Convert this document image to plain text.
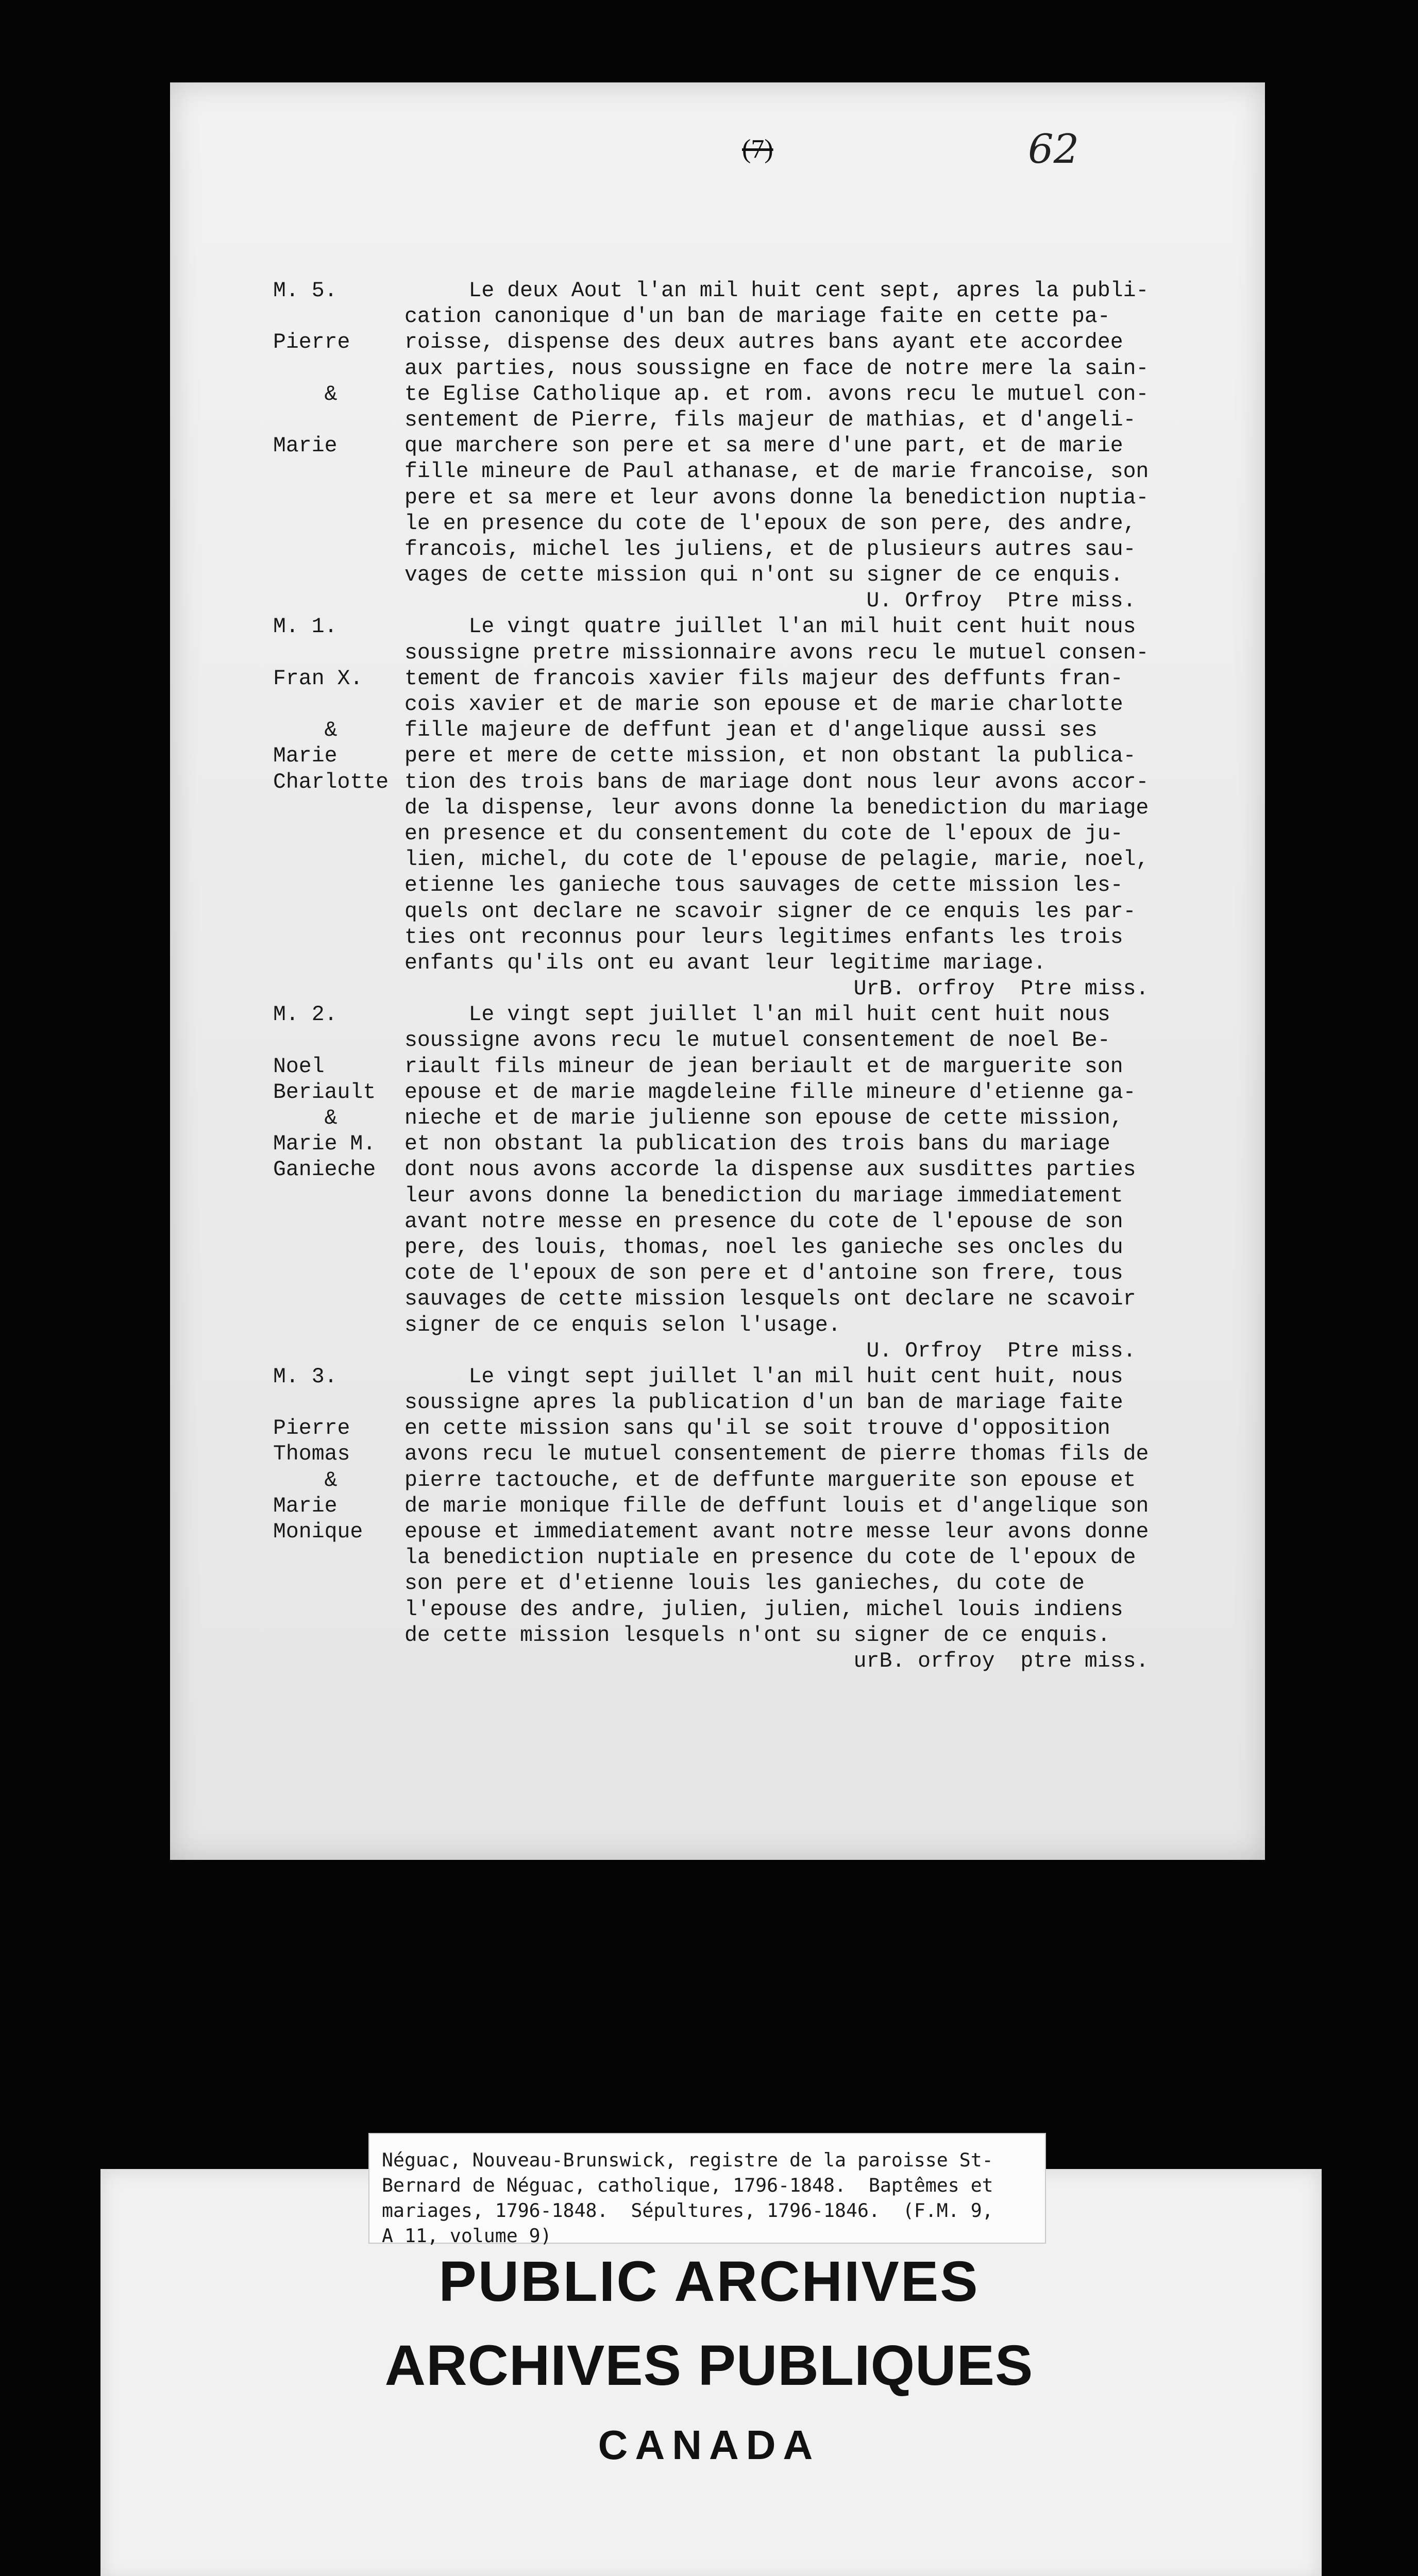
(7)	62
M. 5.
Pierre
&
Marie
Le deux Aout l'an mil huit cent sept, apres la publi-
cation canonique d'un ban de mariage faite en cette pa-
roisse, dispense des deux autres bans ayant ete accordee
aux parties, nous soussigne en face de notre mere la sain-
te Eglise Catholique ap. et rom. avons recu le mutuel con-
sentement de Pierre, fils majeur de mathias, et d'angeli-
que marchere son pere et sa mere d'une part, et de marie
fille mineure de Paul athanase, et de marie francoise, son
pere et sa mere et leur avons donne la benediction nuptia-
le en presence du cote de l'epoux de son pere, des andre,
francois, michel les juliens, et de plusieurs autres sau-
vages de cette mission qui n'ont su signer de ce enquis.
U. Orfroy  Ptre miss.
M. 1.
Fran X.
&
Marie
Charlotte
Le vingt quatre juillet l'an mil huit cent huit nous
soussigne pretre missionnaire avons recu le mutuel consen-
tement de francois xavier fils majeur des deffunts fran-
cois xavier et de marie son epouse et de marie charlotte
fille majeure de deffunt jean et d'angelique aussi ses
pere et mere de cette mission, et non obstant la publica-
tion des trois bans de mariage dont nous leur avons accor-
de la dispense, leur avons donne la benediction du mariage
en presence et du consentement du cote de l'epoux de ju-
lien, michel, du cote de l'epouse de pelagie, marie, noel,
etienne les ganieche tous sauvages de cette mission les-
quels ont declare ne scavoir signer de ce enquis les par-
ties ont reconnus pour leurs legitimes enfants les trois
enfants qu'ils ont eu avant leur legitime mariage.
UrB. orfroy  Ptre miss.
M. 2.
Noel
Beriault
&
Marie M.
Ganieche
Le vingt sept juillet l'an mil huit cent huit nous
soussigne avons recu le mutuel consentement de noel Be-
riault fils mineur de jean beriault et de marguerite son
epouse et de marie magdeleine fille mineure d'etienne ga-
nieche et de marie julienne son epouse de cette mission,
et non obstant la publication des trois bans du mariage
dont nous avons accorde la dispense aux susdittes parties
leur avons donne la benediction du mariage immediatement
avant notre messe en presence du cote de l'epouse de son
pere, des louis, thomas, noel les ganieche ses oncles du
cote de l'epoux de son pere et d'antoine son frere, tous
sauvages de cette mission lesquels ont declare ne scavoir
signer de ce enquis selon l'usage.
U. Orfroy  Ptre miss.
M. 3.
Pierre
Thomas
&
Marie
Monique
Le vingt sept juillet l'an mil huit cent huit, nous
soussigne apres la publication d'un ban de mariage faite
en cette mission sans qu'il se soit trouve d'opposition
avons recu le mutuel consentement de pierre thomas fils de
pierre tactouche, et de deffunte marguerite son epouse et
de marie monique fille de deffunt louis et d'angelique son
epouse et immediatement avant notre messe leur avons donne
la benediction nuptiale en presence du cote de l'epoux de
son pere et d'etienne louis les ganieches, du cote de
l'epouse des andre, julien, julien, michel louis indiens
de cette mission lesquels n'ont su signer de ce enquis.
urB. orfroy  ptre miss.
Néguac, Nouveau-Brunswick, registre de la paroisse St-
Bernard de Néguac, catholique, 1796-1848.  Baptêmes et
mariages, 1796-1848.  Sépultures, 1796-1846.  (F.M. 9,
A 11, volume 9)
PUBLIC ARCHIVES
ARCHIVES PUBLIQUES
CANADA
